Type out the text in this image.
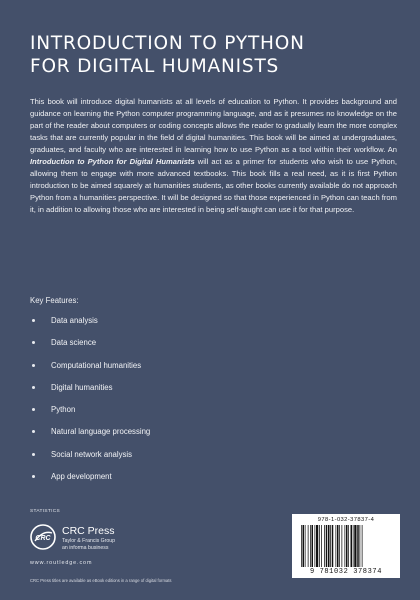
INTRODUCTION TO PYTHON
FOR DIGITAL HUMANISTS

This book will introduce digital humanists at all levels of education to Python. It provides background and guidance on learning the Python computer programming language, and as it presumes no knowledge on the part of the reader about computers or coding concepts allows the reader to gradually learn the more complex tasks that are currently popular in the field of digital humanities. This book will be aimed at undergraduates, graduates, and faculty who are interested in learning how to use Python as a tool within their workflow. An Introduction to Python for Digital Humanists will act as a primer for students who wish to use Python, allowing them to engage with more advanced textbooks. This book fills a real need, as it is first Python introduction to be aimed squarely at humanities students, as other books currently available do not approach Python from a humanities perspective. It will be designed so that those experienced in Python can teach from it, in addition to allowing those who are interested in being self-taught can use it for that purpose.

Key Features:
Data analysis
Data science
Computational humanities
Digital humanities
Python
Natural language processing
Social network analysis
App development
STATISTICS
CRC
CRC Press
Taylor & Francis Group
an informa business
www.routledge.com
CRC Press titles are available as eBook editions in a range of digital formats
978-1-032-37837-4
9 781032 378374
